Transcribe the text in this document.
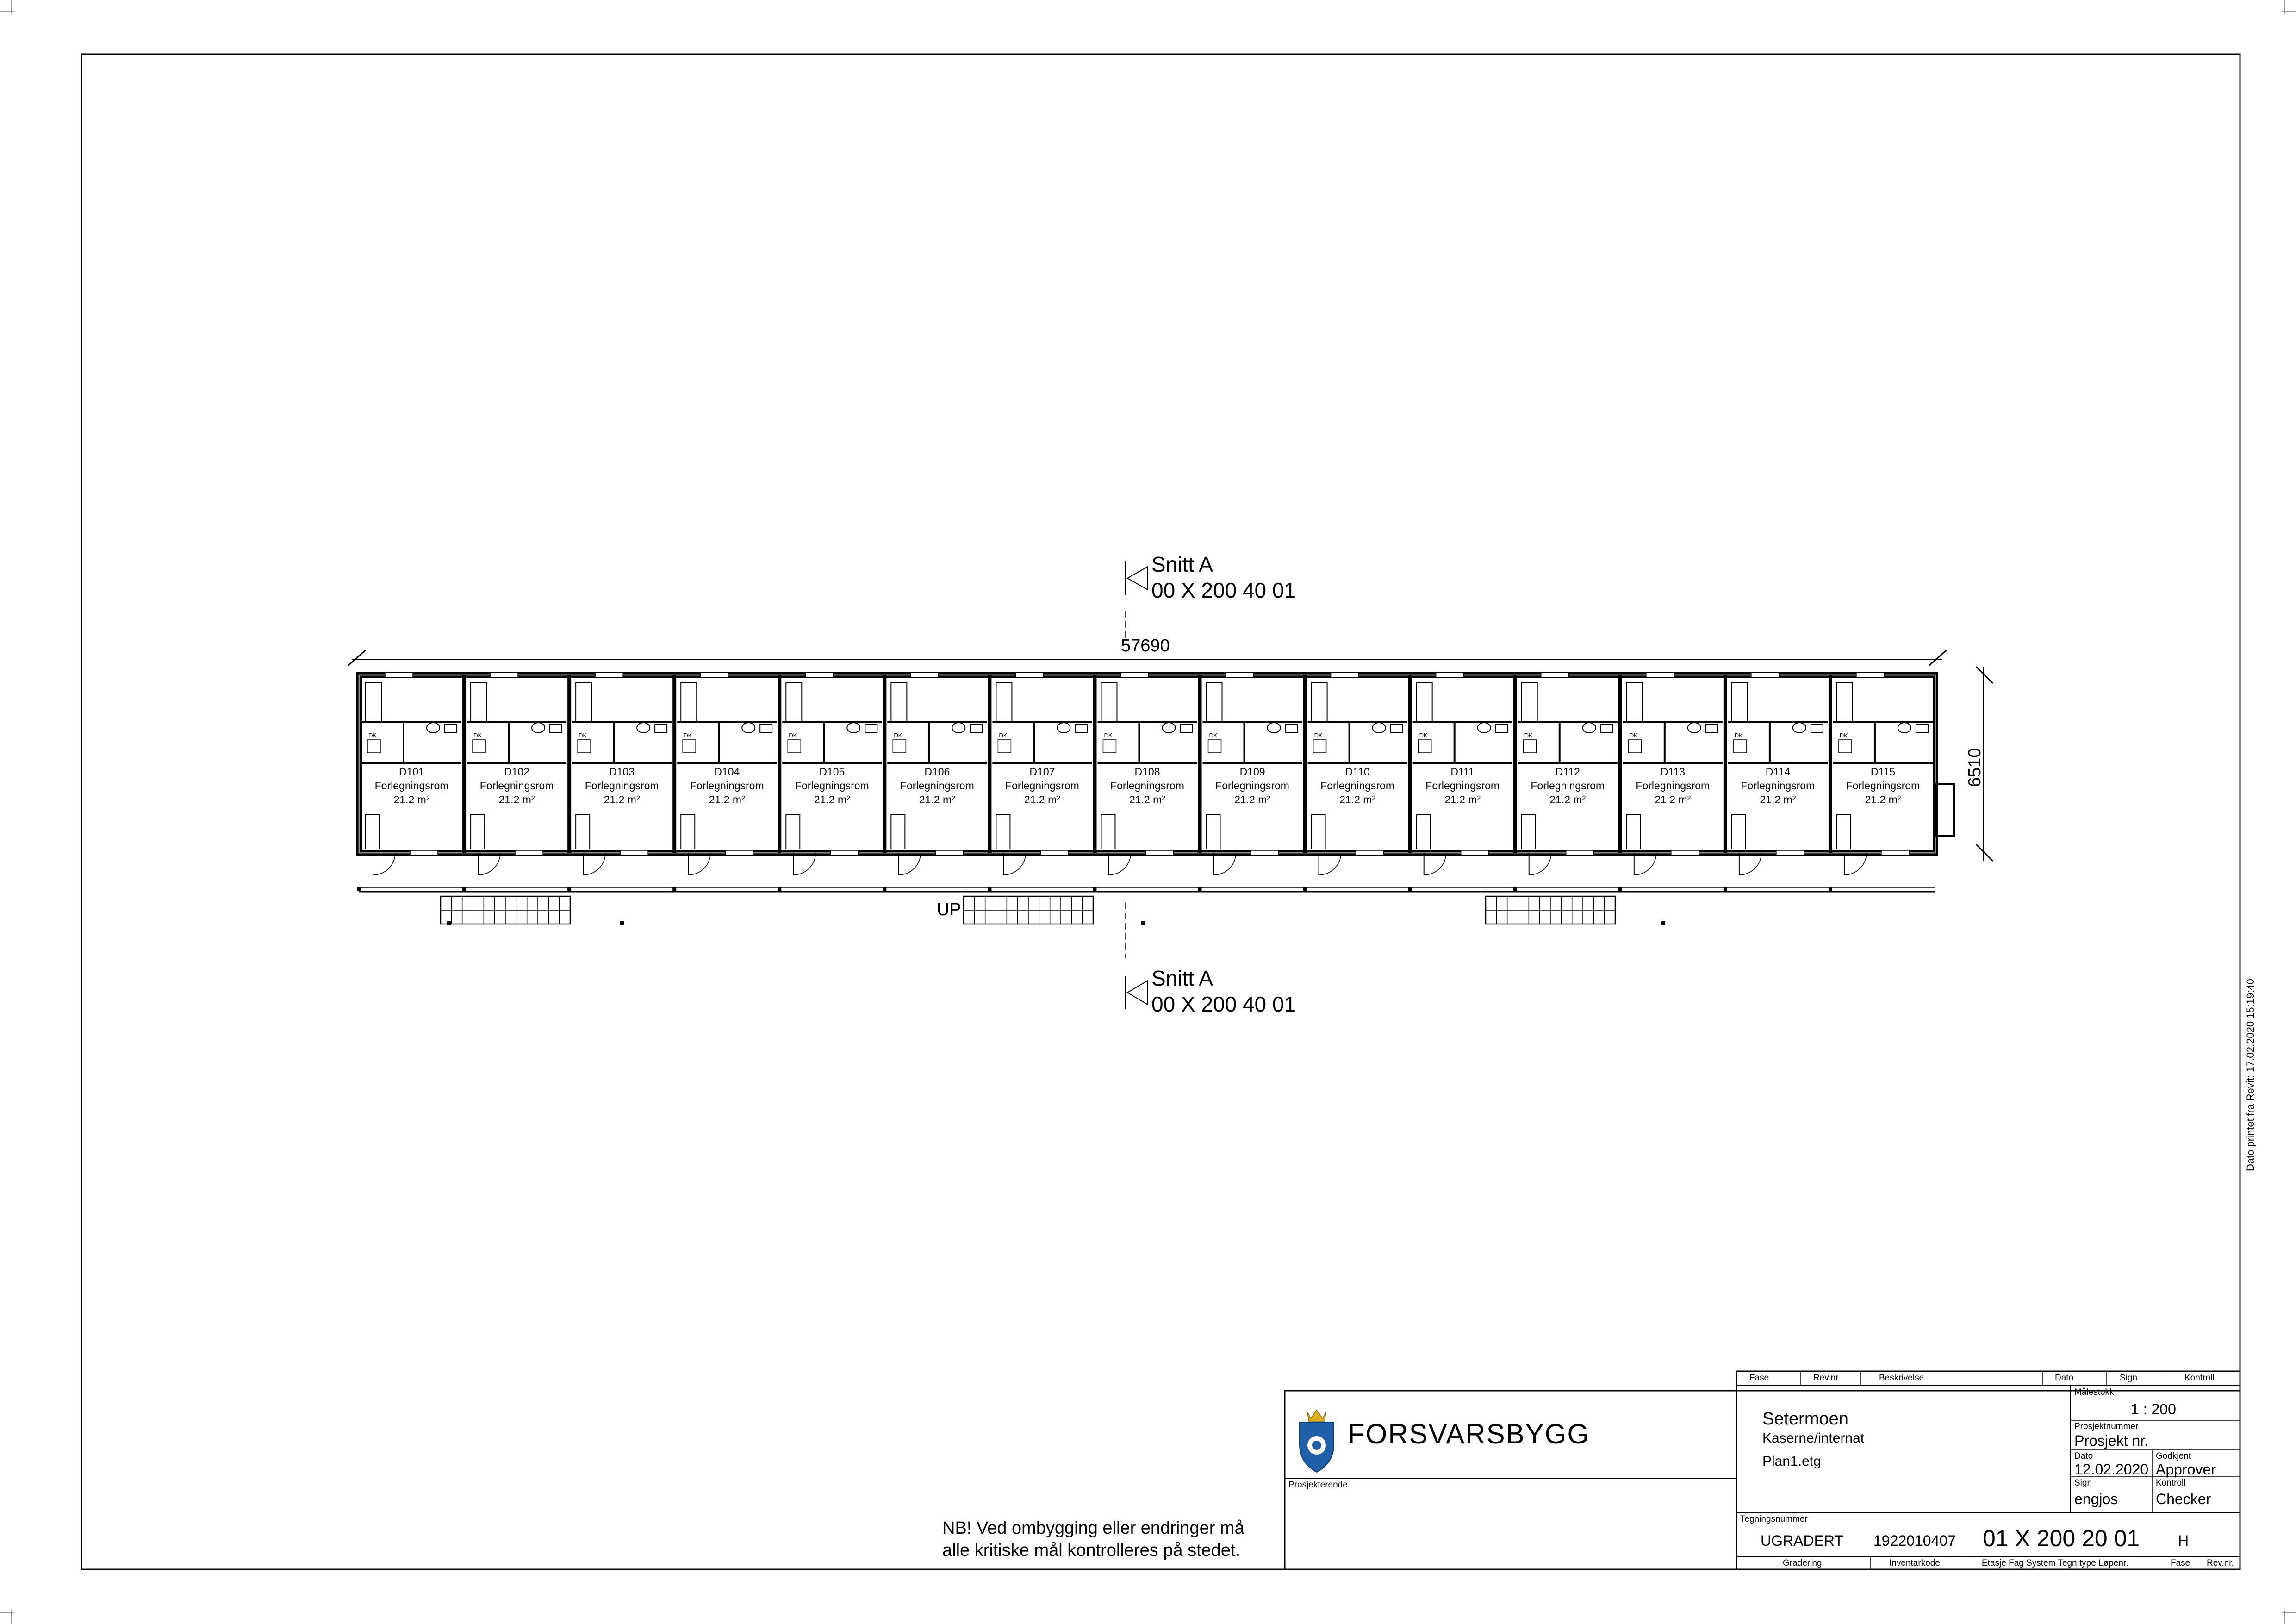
Snitt A
00 X 200 40 01
Snitt A
00 X 200 40 01
57690
6510
UP
D101
Forlegningsrom
21.2 m²
DK
D102
Forlegningsrom
21.2 m²
DK
D103
Forlegningsrom
21.2 m²
DK
D104
Forlegningsrom
21.2 m²
DK
D105
Forlegningsrom
21.2 m²
DK
D106
Forlegningsrom
21.2 m²
DK
D107
Forlegningsrom
21.2 m²
DK
D108
Forlegningsrom
21.2 m²
DK
D109
Forlegningsrom
21.2 m²
DK
D110
Forlegningsrom
21.2 m²
DK
D111
Forlegningsrom
21.2 m²
DK
D112
Forlegningsrom
21.2 m²
DK
D113
Forlegningsrom
21.2 m²
DK
D114
Forlegningsrom
21.2 m²
DK
D115
Forlegningsrom
21.2 m²
DK
Dato printet fra Revit: 17.02.2020 15:19:40
NB! Ved ombygging eller endringer må
alle kritiske mål kontrolleres på stedet.
FORSVARSBYGG
Fase	Rev.nr	Beskrivelse	Dato	Sign.	Kontroll
Setermoen
Kaserne/internat
Plan1.etg
Prosjekterende
Målestokk
1 : 200
Prosjektnummer
Prosjekt nr.
Dato
12.02.2020
Godkjent
Approver
Sign
engjos
Kontroll
Checker
Tegningsnummer
UGRADERT 1922010407 01 X 200 20 01	H
Gradering	Inventarkode	Etasje Fag System Tegn.type Løpenr.	Fase Rev.nr.
